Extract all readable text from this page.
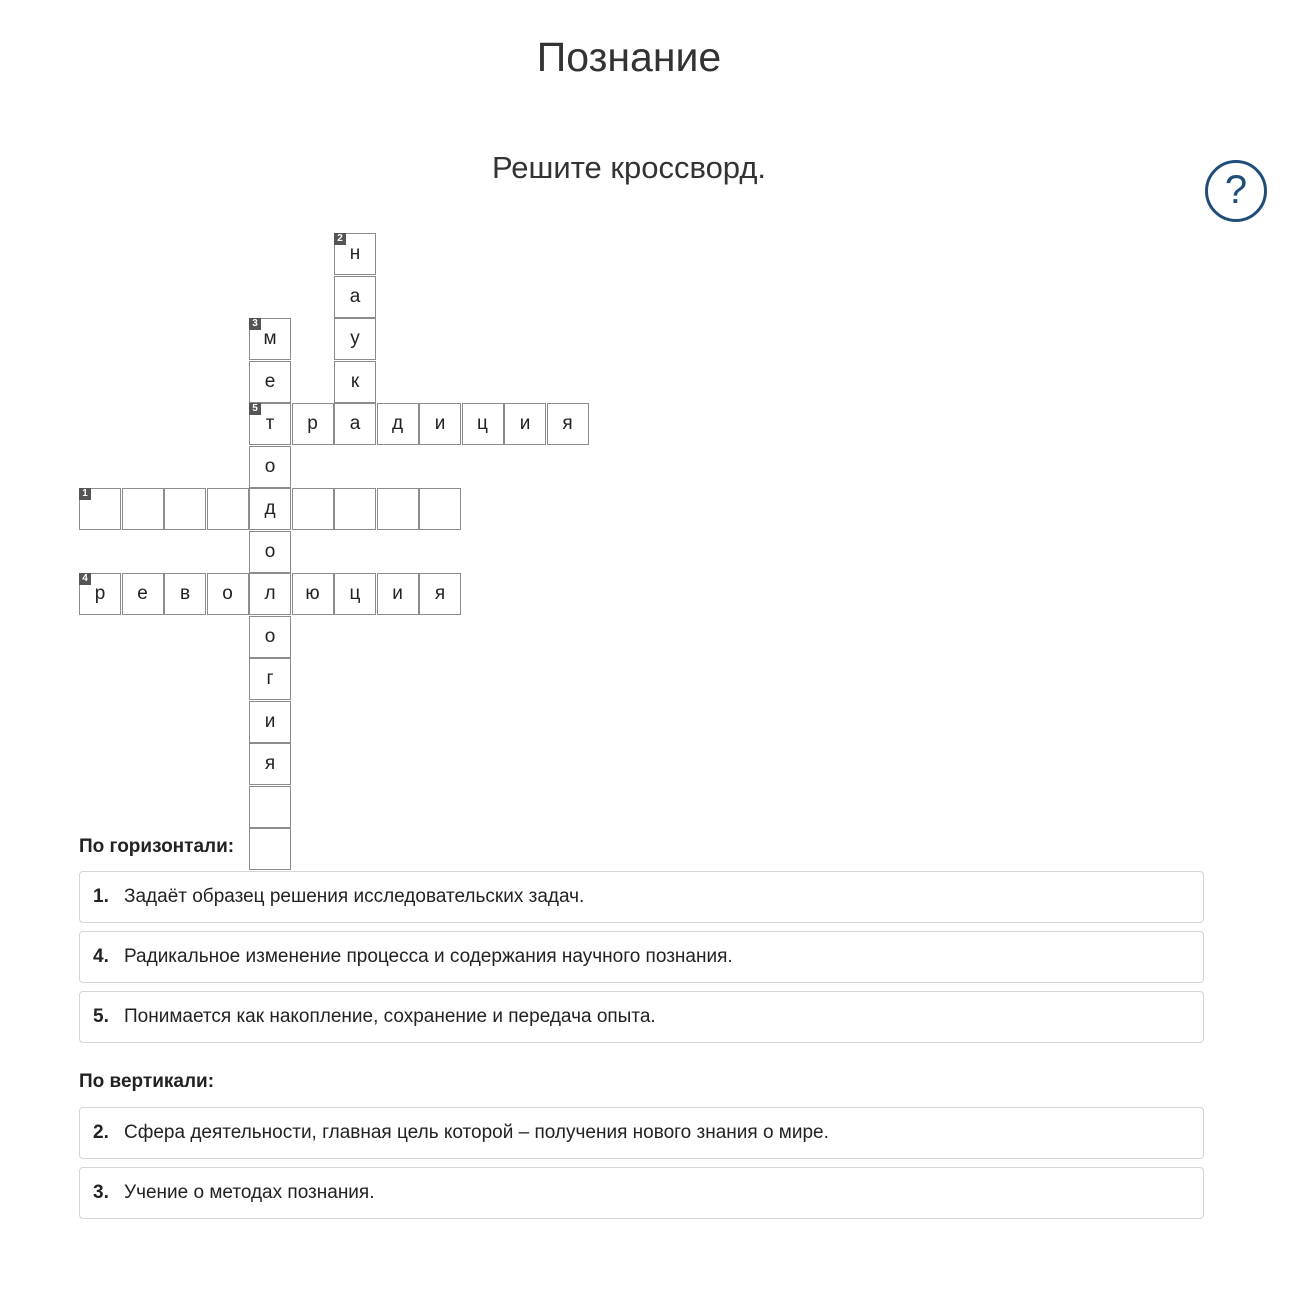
Познание
Решите кроссворд.
?
1
д
н
2
а
у
к
м
3
е
т
5
о
о
л
о
г
и
я
р
4
е	в	о	ю	ц	и	я
р	а	д	и	ц	и	я
По горизонтали:
1. Задаёт образец решения исследовательских задач.
4. Радикальное изменение процесса и содержания научного познания.
5. Понимается как накопление, сохранение и передача опыта.
По вертикали:
2. Сфера деятельности, главная цель которой – получения нового знания о мире.
3. Учение о методах познания.
